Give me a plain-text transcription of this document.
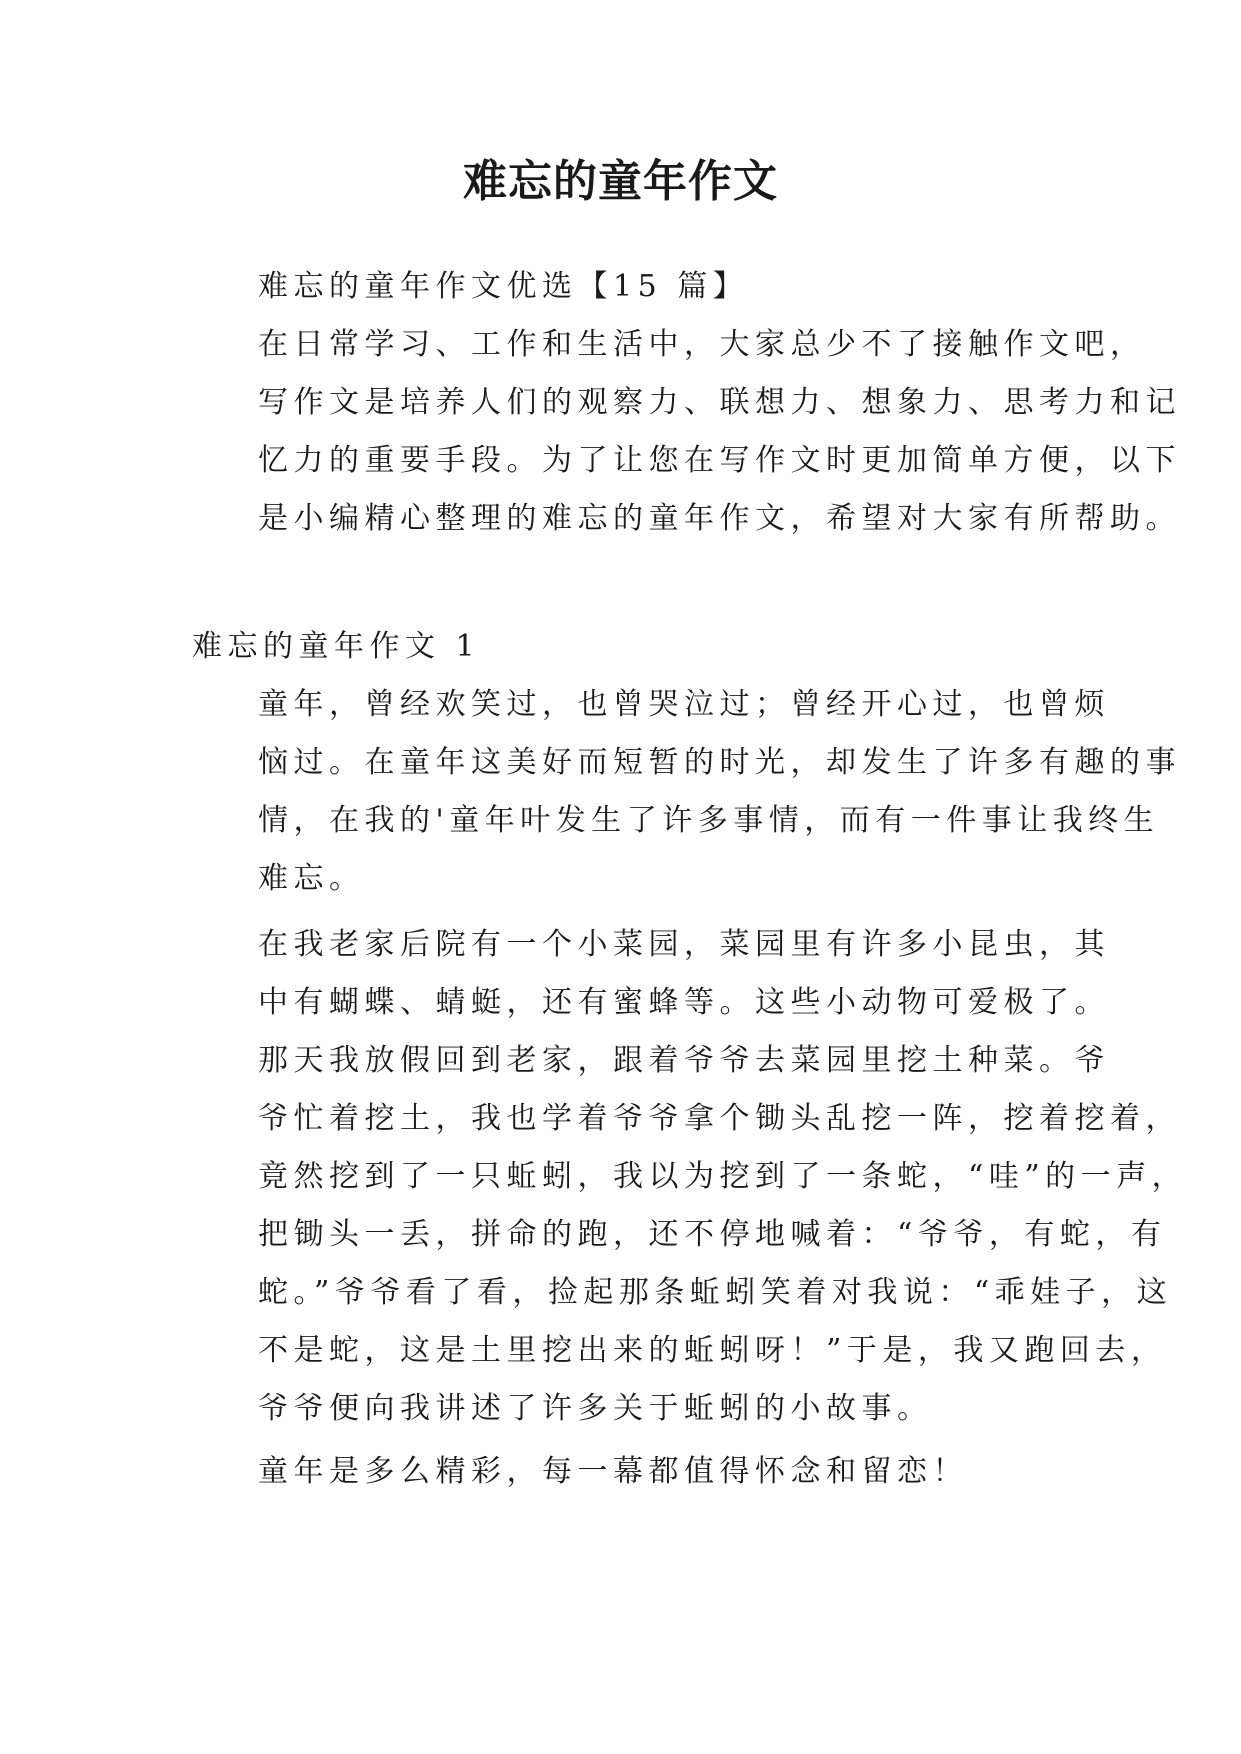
难忘的童年作文

难忘的童年作文优选【15 篇】

在日常学习、工作和生活中，大家总少不了接触作文吧，
写作文是培养人们的观察力、联想力、想象力、思考力和记
忆力的重要手段。为了让您在写作文时更加简单方便，以下
是小编精心整理的难忘的童年作文，希望对大家有所帮助。

难忘的童年作文 1

童年，曾经欢笑过，也曾哭泣过；曾经开心过，也曾烦
恼过。在童年这美好而短暂的时光，却发生了许多有趣的事
情，在我的'童年叶发生了许多事情，而有一件事让我终生
难忘。

在我老家后院有一个小菜园，菜园里有许多小昆虫，其
中有蝴蝶、蜻蜓，还有蜜蜂等。这些小动物可爱极了。

那天我放假回到老家，跟着爷爷去菜园里挖土种菜。爷
爷忙着挖土，我也学着爷爷拿个锄头乱挖一阵，挖着挖着，
竟然挖到了一只蚯蚓，我以为挖到了一条蛇，“哇”的一声，
把锄头一丢，拼命的跑，还不停地喊着：“爷爷，有蛇，有
蛇。”爷爷看了看，捡起那条蚯蚓笑着对我说：“乖娃子，这
不是蛇，这是土里挖出来的蚯蚓呀！”于是，我又跑回去，
爷爷便向我讲述了许多关于蚯蚓的小故事。

童年是多么精彩，每一幕都值得怀念和留恋！
